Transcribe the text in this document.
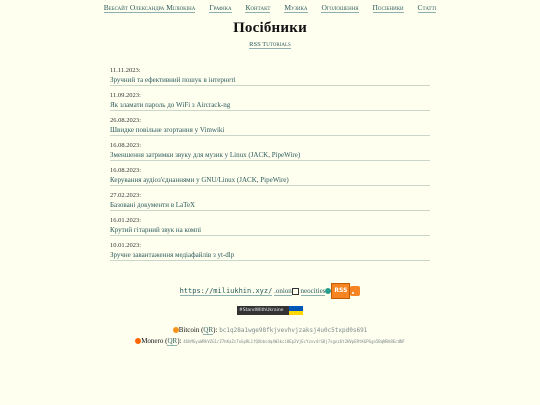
Вебсайт Олександра Мілюкіна Графіка Контакт Музика Оголошення Посібники Статті
Посібники
RSS Tutorials
11.11.2023:
Зручний та ефективний пошук в інтернеті
11.09.2023:
Як зламати пароль до WiFi з Aircrack-ng
26.08.2023:
Швидке повільне згортання у Vimwiki
16.08.2023:
Зменшення затримки звуку для музик у Linux (JACK, PipeWire)
16.08.2023:
Керування аудіоз'єднаннями у GNU/Linux (JACK, PipeWire)
27.02.2023:
Базовані документи в LaTeX
16.01.2023:
Крутий гітарний звук на компі
10.01.2023:
Зручне завантаження медіафайлів з yt-dlp
https://miliukhin.xyz/ .onion neocities RSS
#StandWithUkraine
Bitcoin (QR): bc1q28a1wge98fkjvevhvjzaksj4u0c5txpd0s691
Monero (QR): 46hMGyuWRhVZG1rZ7hKaZsTxGpRL1fQXbbcdq4W3kci8Ep2VjEcYzvv4rSDj7sgnz6t2HVpERtKGPGgn5BqNRA8EcdNF
